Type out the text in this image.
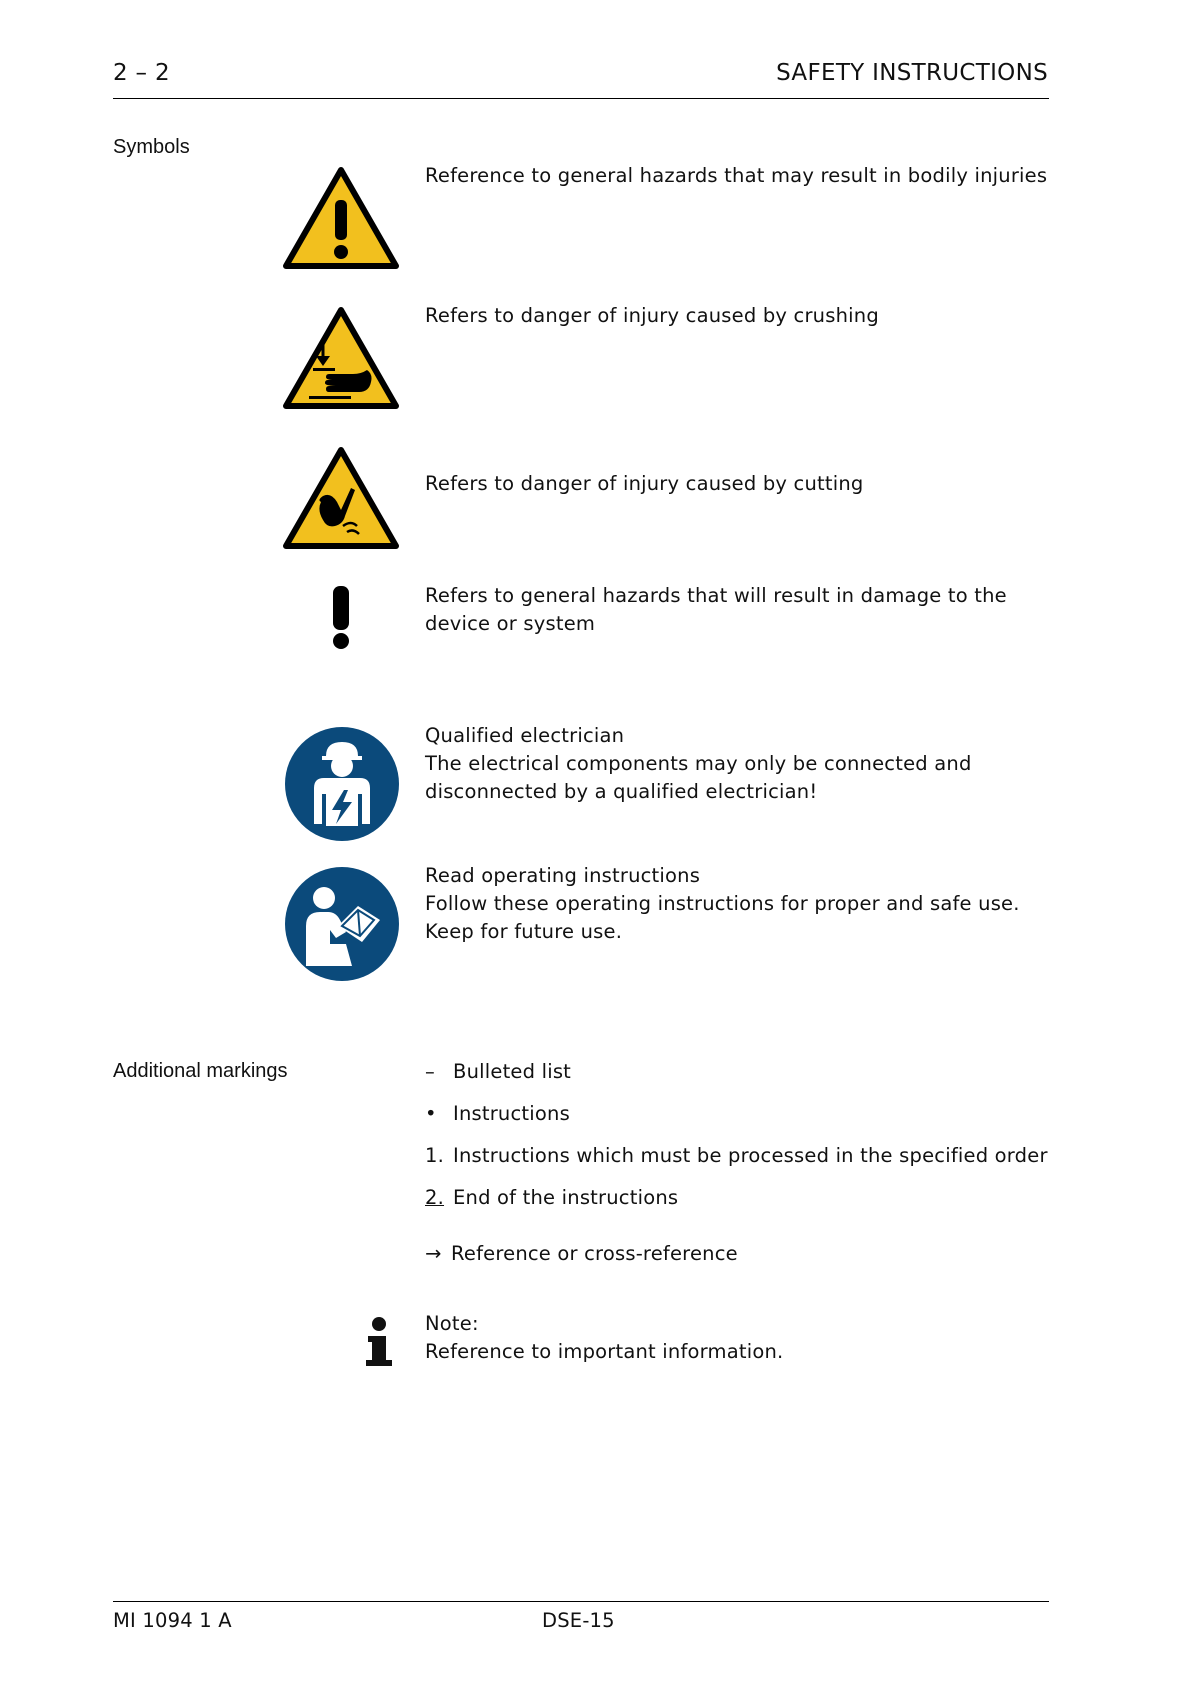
2 – 2	SAFETY INSTRUCTIONS
Symbols
Reference to general hazards that may result in bodily injuries
Refers to danger of injury caused by crushing
Refers to danger of injury caused by cutting
Refers to general hazards that will result in damage to the
device or system
Qualified electrician
The electrical components may only be connected and
disconnected by a qualified electrician!
Read operating instructions
Follow these operating instructions for proper and safe use.
Keep for future use.
Additional markings	– Bulleted list
• Instructions
1. Instructions which must be processed in the specified order
2. End of the instructions
→ Reference or cross-reference
Note:
Reference to important information.
MI 1094 1 A	DSE-15
